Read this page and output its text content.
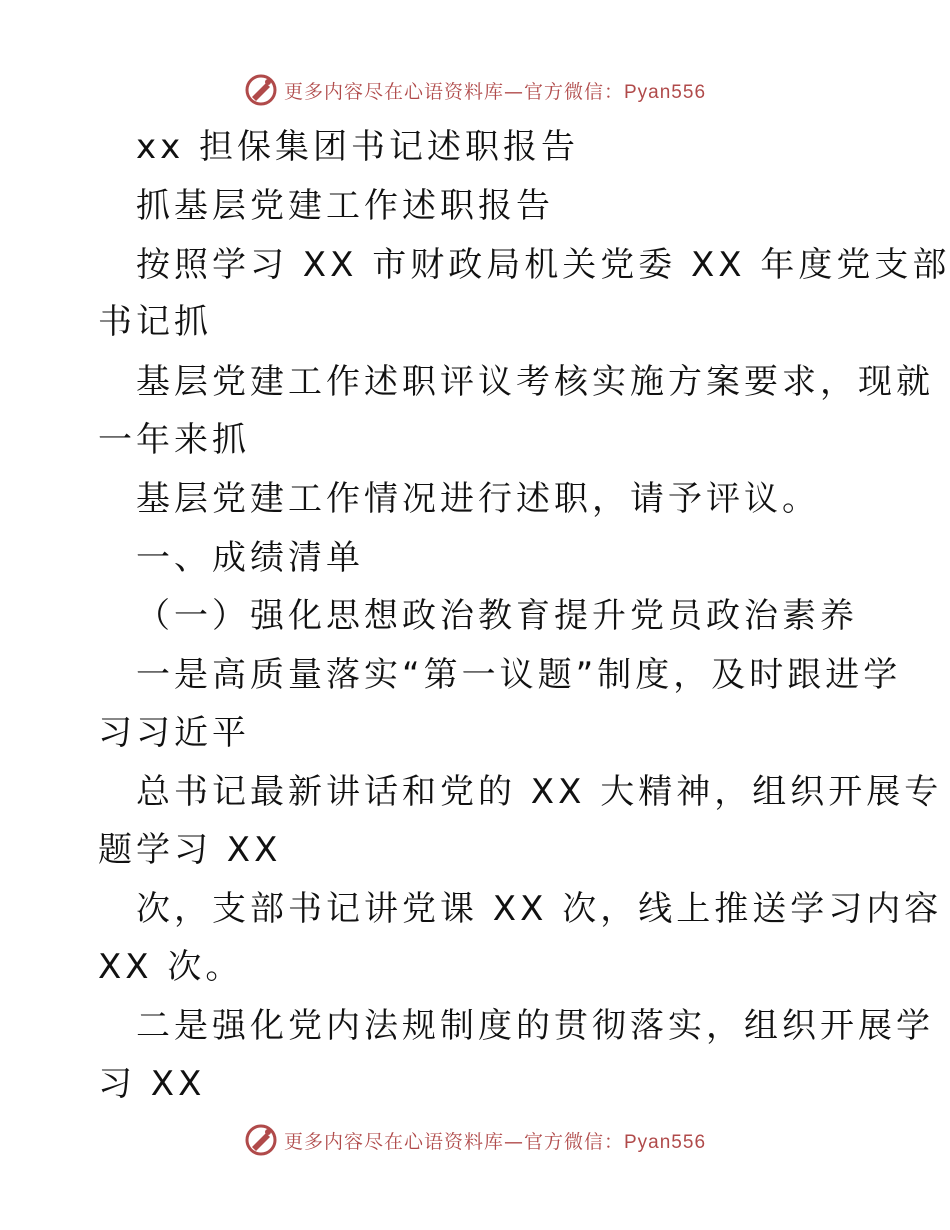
更多内容尽在心语资料库—官方微信：Pyan556
xx 担保集团书记述职报告
抓基层党建工作述职报告
按照学习 XX 市财政局机关党委 XX 年度党支部
书记抓
基层党建工作述职评议考核实施方案要求，现就
一年来抓
基层党建工作情况进行述职，请予评议。
一、成绩清单
（一）强化思想政治教育提升党员政治素养
一是高质量落实“第一议题”制度，及时跟进学
习习近平
总书记最新讲话和党的 XX 大精神，组织开展专
题学习 XX
次，支部书记讲党课 XX 次，线上推送学习内容
XX 次。
二是强化党内法规制度的贯彻落实，组织开展学
习 XX
更多内容尽在心语资料库—官方微信：Pyan556
